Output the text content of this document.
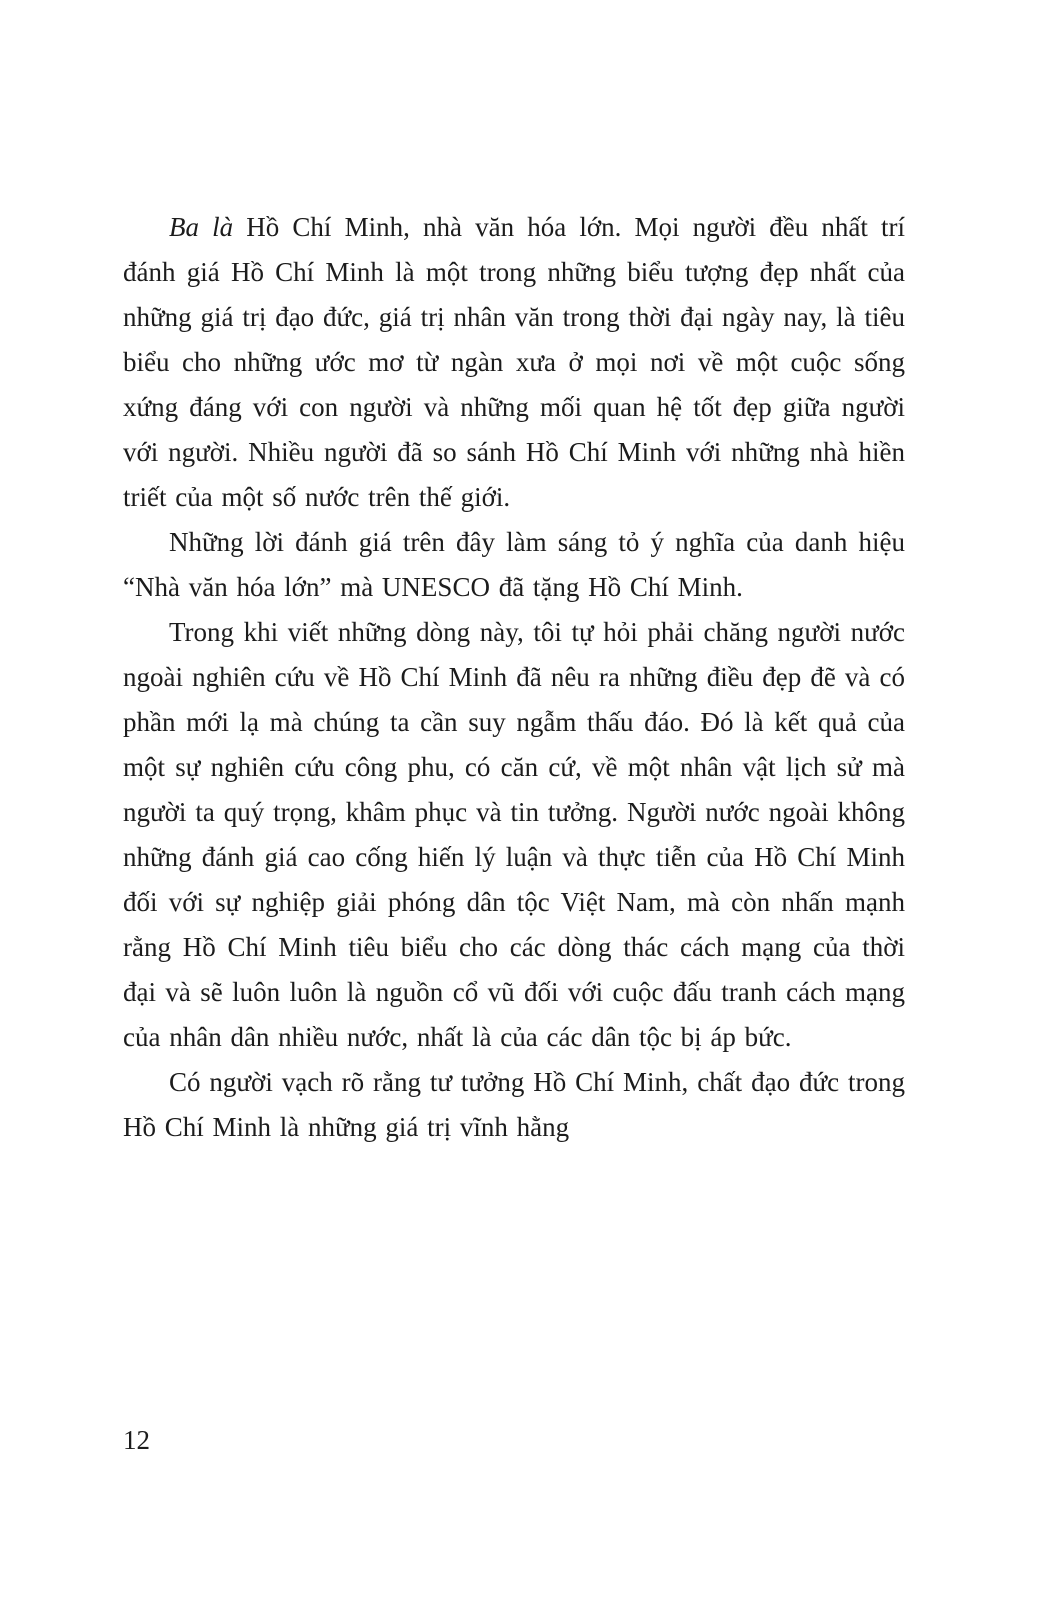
Ba là Hồ Chí Minh, nhà văn hóa lớn. Mọi người đều nhất trí đánh giá Hồ Chí Minh là một trong những biểu tượng đẹp nhất của những giá trị đạo đức, giá trị nhân văn trong thời đại ngày nay, là tiêu biểu cho những ước mơ từ ngàn xưa ở mọi nơi về một cuộc sống xứng đáng với con người và những mối quan hệ tốt đẹp giữa người với người. Nhiều người đã so sánh Hồ Chí Minh với những nhà hiền triết của một số nước trên thế giới.

Những lời đánh giá trên đây làm sáng tỏ ý nghĩa của danh hiệu “Nhà văn hóa lớn” mà UNESCO đã tặng Hồ Chí Minh.

Trong khi viết những dòng này, tôi tự hỏi phải chăng người nước ngoài nghiên cứu về Hồ Chí Minh đã nêu ra những điều đẹp đẽ và có phần mới lạ mà chúng ta cần suy ngẫm thấu đáo. Đó là kết quả của một sự nghiên cứu công phu, có căn cứ, về một nhân vật lịch sử mà người ta quý trọng, khâm phục và tin tưởng. Người nước ngoài không những đánh giá cao cống hiến lý luận và thực tiễn của Hồ Chí Minh đối với sự nghiệp giải phóng dân tộc Việt Nam, mà còn nhấn mạnh rằng Hồ Chí Minh tiêu biểu cho các dòng thác cách mạng của thời đại và sẽ luôn luôn là nguồn cổ vũ đối với cuộc đấu tranh cách mạng của nhân dân nhiều nước, nhất là của các dân tộc bị áp bức.

Có người vạch rõ rằng tư tưởng Hồ Chí Minh, chất đạo đức trong Hồ Chí Minh là những giá trị vĩnh hằng

12
